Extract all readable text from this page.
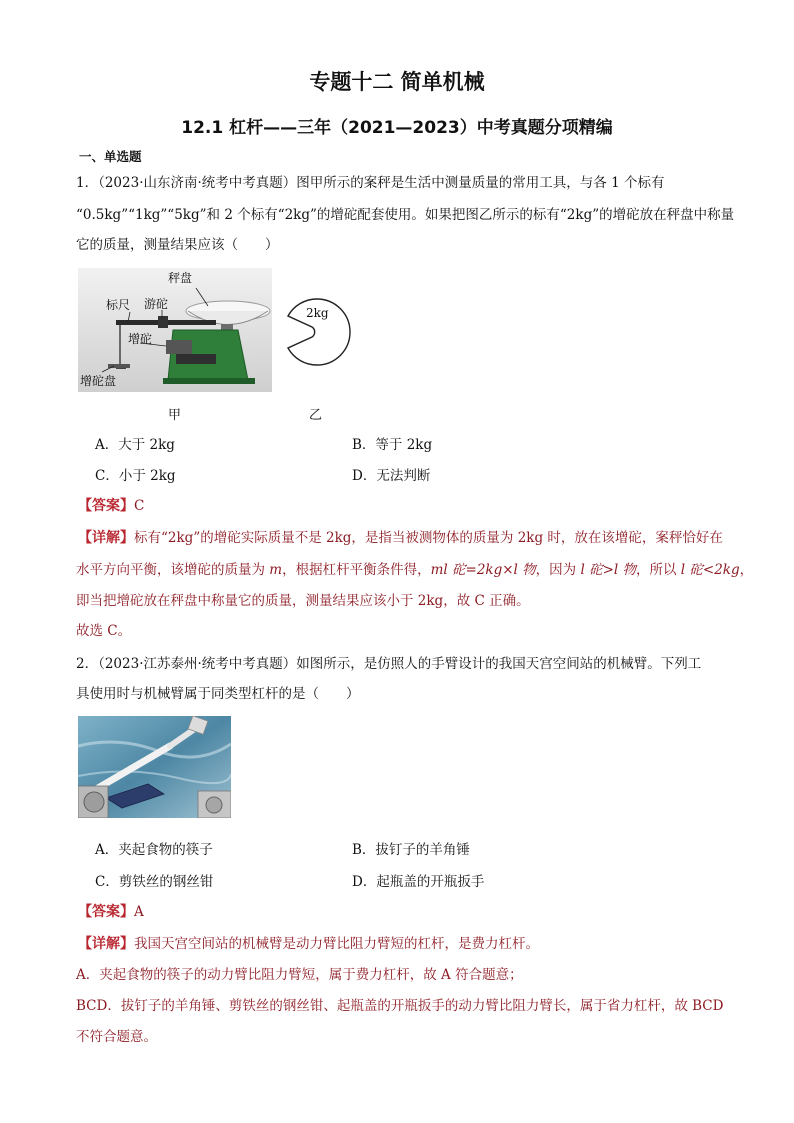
专题十二 简单机械
12.1 杠杆——三年（2021—2023）中考真题分项精编
一、单选题
1．（2023·山东济南·统考中考真题）图甲所示的案秤是生活中测量质量的常用工具，与各 1 个标有
“0.5kg”“1kg”“5kg”和 2 个标有“2kg”的增砣配套使用。如果把图乙所示的标有“2kg”的增砣放在秤盘中称量
它的质量，测量结果应该（　　）
秤盘
标尺 游砣
增砣
增砣盘
2kg
甲	乙
A．大于 2kg	B．等于 2kg
C．小于 2kg	D．无法判断
【答案】C
【详解】标有“2kg”的增砣实际质量不是 2kg，是指当被测物体的质量为 2kg 时，放在该增砣，案秤恰好在
水平方向平衡，该增砣的质量为 m，根据杠杆平衡条件得，ml 砣=2kg×l 物，因为 l 砣>l 物，所以 l 砣<2kg，
即当把增砣放在秤盘中称量它的质量，测量结果应该小于 2kg，故 C 正确。
故选 C。
2．（2023·江苏泰州·统考中考真题）如图所示，是仿照人的手臂设计的我国天宫空间站的机械臂。下列工
具使用时与机械臂属于同类型杠杆的是（　　）
A．夹起食物的筷子	B．拔钉子的羊角锤
C．剪铁丝的钢丝钳	D．起瓶盖的开瓶扳手
【答案】A
【详解】我国天宫空间站的机械臂是动力臂比阻力臂短的杠杆，是费力杠杆。
A．夹起食物的筷子的动力臂比阻力臂短，属于费力杠杆，故 A 符合题意；
BCD．拔钉子的羊角锤、剪铁丝的钢丝钳、起瓶盖的开瓶扳手的动力臂比阻力臂长，属于省力杠杆，故 BCD
不符合题意。
